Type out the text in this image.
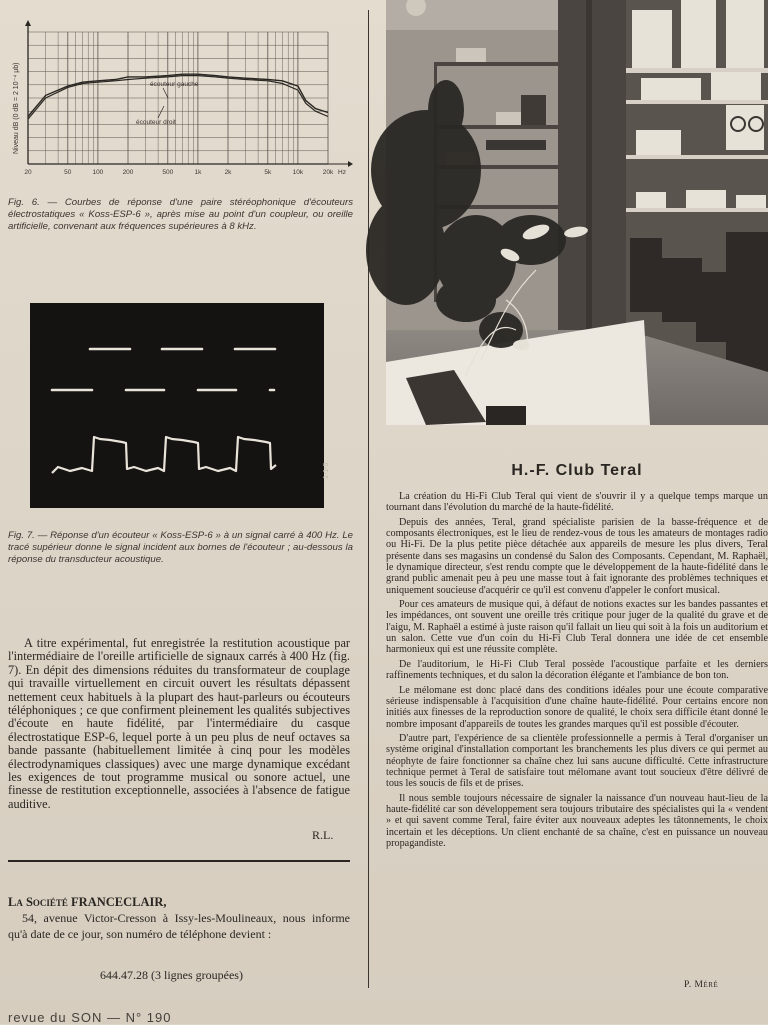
Niveau dB (0 dB = 2 10⁻⁴ μb)
20	50	100	200	500	1k	2k	5k	10k	20k Hz
écouteur gauche
écouteur droit
Fig. 6. — Courbes de réponse d'une paire stéréophonique d'écouteurs électrostatiques « Koss-ESP-6 », après mise au point d'un coupleur, ou oreille artificielle, convenant aux fréquences supérieures à 8 kHz.
1-1-5
Fig. 7. — Réponse d'un écouteur « Koss-ESP-6 » à un signal carré à 400 Hz. Le tracé supérieur donne le signal incident aux bornes de l'écouteur ; au-dessous la réponse du transducteur acoustique.

A titre expérimental, fut enregistrée la restitution acoustique par l'intermédiaire de l'oreille artificielle de signaux carrés à 400 Hz (fig. 7). En dépit des dimensions réduites du transformateur de couplage qui travaille virtuellement en circuit ouvert les résultats dépassent nettement ceux habituels à la plupart des haut-parleurs ou écouteurs téléphoniques ; ce que confirment pleinement les qualités subjectives d'écoute en haute fidélité, par l'intermédiaire du casque électrostatique ESP-6, lequel porte à un peu plus de neuf octaves sa bande passante (habituellement limitée à cinq pour les modèles électrodynamiques classiques) avec une marge dynamique excédant les exigences de tout programme musical ou sonore actuel, une finesse de restitution exceptionnelle, associées à l'absence de fatigue auditive.

R.L.
La Société FRANCECLAIR,

54, avenue Victor-Cresson à Issy-les-Moulineaux, nous informe qu'à date de ce jour, son numéro de téléphone devient :

644.47.28 (3 lignes groupées)
revue du SON — N° 190
H.-F. Club Teral

La création du Hi-Fi Club Teral qui vient de s'ouvrir il y a quelque temps marque un tournant dans l'évolution du marché de la haute-fidélité.

Depuis des années, Teral, grand spécialiste parisien de la basse-fréquence et de composants électroniques, est le lieu de rendez-vous de tous les amateurs de montages radio ou Hi-Fi. De la plus petite pièce détachée aux appareils de mesure les plus divers, Teral présente dans ses magasins un condensé du Salon des Composants. Cependant, M. Raphaël, le dynamique directeur, s'est rendu compte que le développement de la haute-fidélité dans le grand public amenait peu à peu une masse tout à fait ignorante des problèmes techniques et uniquement soucieuse d'acquérir ce qu'il est convenu d'appeler le confort musical.

Pour ces amateurs de musique qui, à défaut de notions exactes sur les bandes passantes et les impédances, ont souvent une oreille très critique pour juger de la qualité du grave et de l'aigu, M. Raphaël a estimé à juste raison qu'il fallait un lieu qui soit à la fois un auditorium et un salon. Cette vue d'un coin du Hi-Fi Club Teral donnera une idée de cet ensemble harmonieux qui est une réussite complète.

De l'auditorium, le Hi-Fi Club Teral possède l'acoustique parfaite et les derniers raffinements techniques, et du salon la décoration élégante et l'ambiance de bon ton.

Le mélomane est donc placé dans des conditions idéales pour une écoute comparative sérieuse indispensable à l'acquisition d'une chaîne haute-fidélité. Pour certains encore non initiés aux finesses de la reproduction sonore de qualité, le choix sera difficile étant donné le nombre imposant d'appareils de toutes les grandes marques qu'il est possible d'écouter.

D'autre part, l'expérience de sa clientèle professionnelle a permis à Teral d'organiser un système original d'installation comportant les branchements les plus divers ce qui permet au néophyte de faire fonctionner sa chaîne chez lui sans aucune difficulté. Cette infrastructure technique permet à Teral de satisfaire tout mélomane avant tout soucieux d'être délivré de tous les soucis de fils et de prises.

Il nous semble toujours nécessaire de signaler la naissance d'un nouveau haut-lieu de la haute-fidélité car son développement sera toujours tributaire des spécialistes qui la « vendent » et qui savent comme Teral, faire éviter aux nouveaux adeptes les tâtonnements, le choix incertain et les déceptions. Un client enchanté de sa chaîne, c'est en puissance un nouveau propagandiste.

P. Méré
